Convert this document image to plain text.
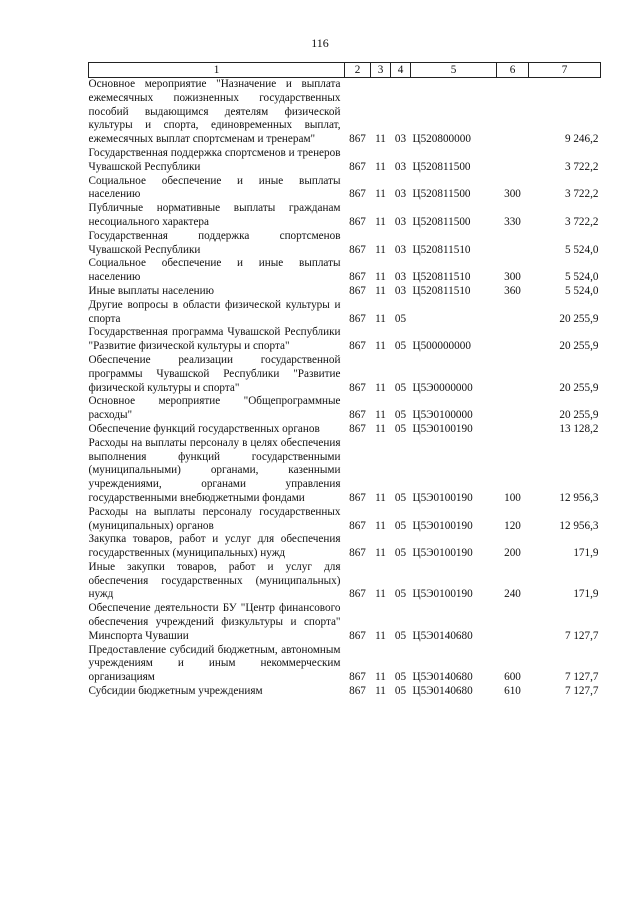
116
1	2	3	4	5	6	7
Основное мероприятие "Назначение и выплата ежемесячных пожизненных государственных пособий выдающимся деятелям физической культуры и спорта, единовременных выплат, ежемесячных выплат спортсменам и тренерам"	867	11	03	Ц520800000		9 246,2
Государственная поддержка спортсменов и тренеров Чувашской Республики	867	11	03	Ц520811500		3 722,2
Социальное обеспечение и иные выплаты населению	867	11	03	Ц520811500	300	3 722,2
Публичные нормативные выплаты гражданам несоциального характера	867	11	03	Ц520811500	330	3 722,2
Государственная поддержка спортсменов Чувашской Республики	867	11	03	Ц520811510		5 524,0
Социальное обеспечение и иные выплаты населению	867	11	03	Ц520811510	300	5 524,0
Иные выплаты населению	867	11	03	Ц520811510	360	5 524,0
Другие вопросы в области физической культуры и спорта	867	11	05			20 255,9
Государственная программа Чувашской Республики "Развитие физической культуры и спорта"	867	11	05	Ц500000000		20 255,9
Обеспечение реализации государственной программы Чувашской Республики "Развитие физической культуры и спорта"	867	11	05	Ц5Э0000000		20 255,9
Основное мероприятие "Общепрограммные расходы"	867	11	05	Ц5Э0100000		20 255,9
Обеспечение функций государственных органов	867	11	05	Ц5Э0100190		13 128,2
Расходы на выплаты персоналу в целях обеспечения выполнения функций государственными (муниципальными) органами, казенными учреждениями, органами управления государственными внебюджетными фондами	867	11	05	Ц5Э0100190	100	12 956,3
Расходы на выплаты персоналу государственных (муниципальных) органов	867	11	05	Ц5Э0100190	120	12 956,3
Закупка товаров, работ и услуг для обеспечения государственных (муниципальных) нужд	867	11	05	Ц5Э0100190	200	171,9
Иные закупки товаров, работ и услуг для обеспечения государственных (муниципальных) нужд	867	11	05	Ц5Э0100190	240	171,9
Обеспечение деятельности БУ "Центр финансового обеспечения учреждений физкультуры и спорта" Минспорта Чувашии	867	11	05	Ц5Э0140680		7 127,7
Предоставление субсидий бюджетным, автономным учреждениям и иным некоммерческим организациям	867	11	05	Ц5Э0140680	600	7 127,7
Субсидии бюджетным учреждениям	867	11	05	Ц5Э0140680	610	7 127,7
